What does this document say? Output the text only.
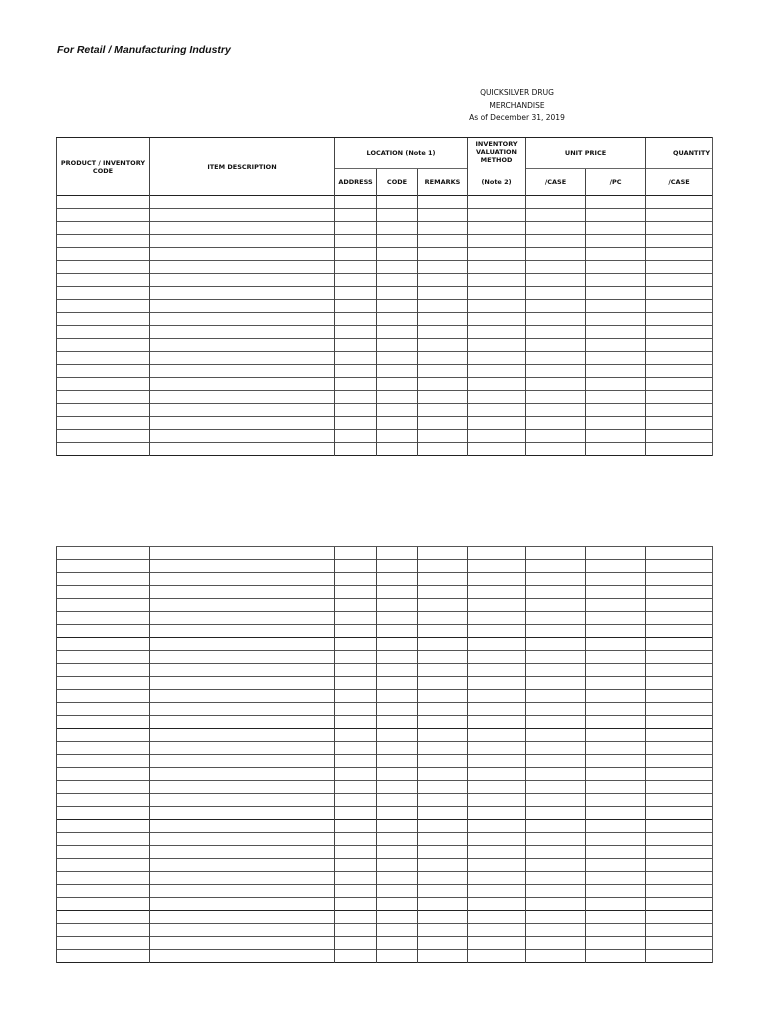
For Retail / Manufacturing Industry
QUICKSILVER DRUG
MERCHANDISE
As of December 31, 2019
PRODUCT / INVENTORY CODE	ITEM DESCRIPTION	LOCATION (Note 1)			INVENTORY VALUATION METHOD	UNIT PRICE		QUANTITY
		ADDRESS	CODE	REMARKS	(Note 2)	/CASE	/PC	/CASE
